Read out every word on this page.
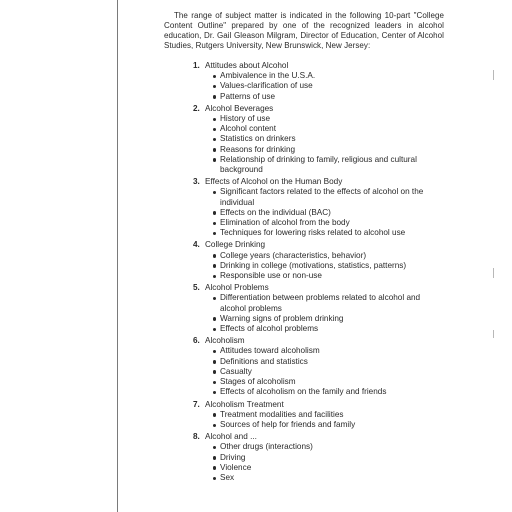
The range of subject matter is indicated in the following 10-part "College Content Outline" prepared by one of the recognized leaders in alcohol education, Dr. Gail Gleason Milgram, Director of Education, Center of Alcohol Studies, Rutgers University, New Brunswick, New Jersey:

1. Attitudes about Alcohol
Ambivalence in the U.S.A.
Values-clarification of use
Patterns of use
2. Alcohol Beverages
History of use
Alcohol content
Statistics on drinkers
Reasons for drinking
Relationship of drinking to family, religious and cultural background
3. Effects of Alcohol on the Human Body
Significant factors related to the effects of alcohol on the individual
Effects on the individual (BAC)
Elimination of alcohol from the body
Techniques for lowering risks related to alcohol use
4. College Drinking
College years (characteristics, behavior)
Drinking in college (motivations, statistics, patterns)
Responsible use or non-use
5. Alcohol Problems
Differentiation between problems related to alcohol and alcohol problems
Warning signs of problem drinking
Effects of alcohol problems
6. Alcoholism
Attitudes toward alcoholism
Definitions and statistics
Casualty
Stages of alcoholism
Effects of alcoholism on the family and friends
7. Alcoholism Treatment
Treatment modalities and facilities
Sources of help for friends and family
8. Alcohol and ...
Other drugs (interactions)
Driving
Violence
Sex
